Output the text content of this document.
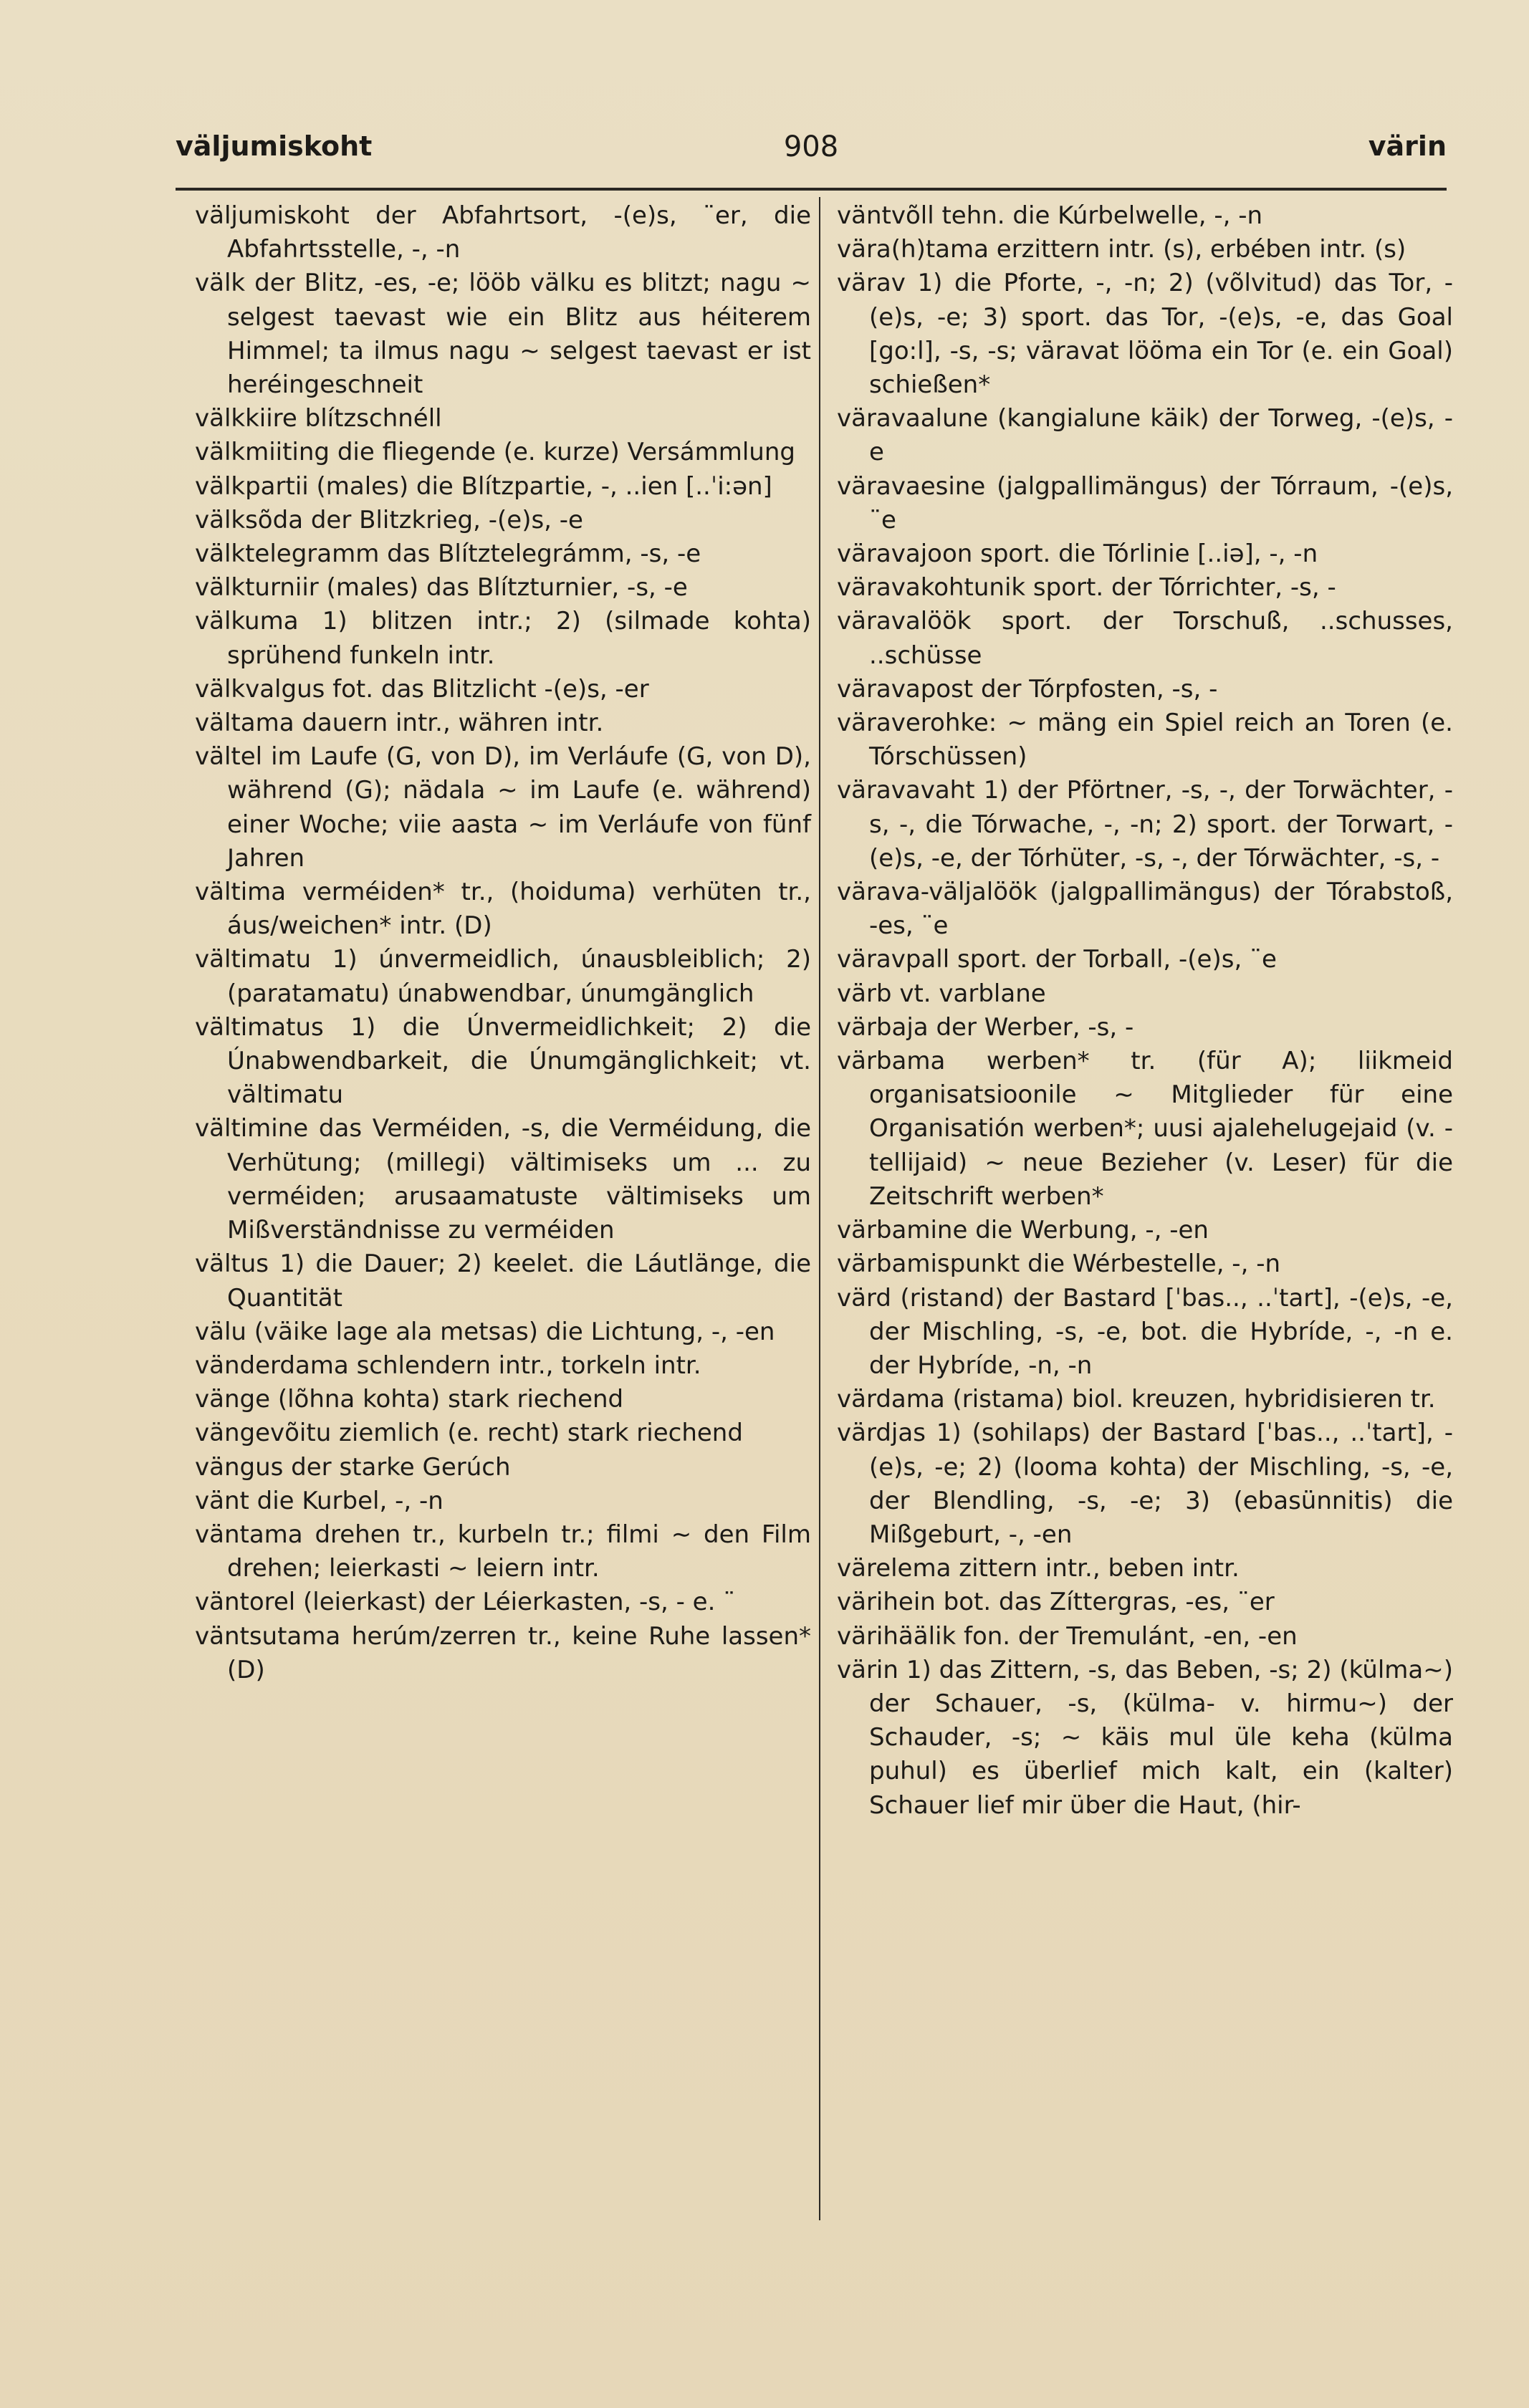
väljumiskoht	908	värin
väljumiskoht der Abfahrtsort, -(e)s, ¨er, die Abfahrtsstelle, -, -n
välk der Blitz, -es, -e; lööb välku es blitzt; nagu ∼ selgest taevast wie ein Blitz aus héiterem Himmel; ta ilmus nagu ∼ selgest taevast er ist heréingeschneit
välkkiire blítzschnéll
välkmiiting die fliegende (e. kurze) Versámmlung
välkpartii (males) die Blítzpartie, -, ..ien [..ˈi:ən]
välksõda der Blitzkrieg, -(e)s, -e
välktelegramm das Blítztelegrámm, -s, -e
välkturniir (males) das Blítzturnier, -s, -e
välkuma 1) blitzen intr.; 2) (silmade kohta) sprühend funkeln intr.
välkvalgus fot. das Blitzlicht -(e)s, -er
vältama dauern intr., währen intr.
vältel im Laufe (G, von D), im Verláufe (G, von D), während (G); nädala ∼ im Laufe (e. während) einer Woche; viie aasta ∼ im Verláufe von fünf Jahren
vältima verméiden* tr., (hoiduma) verhüten tr., áus/weichen* intr. (D)
vältimatu 1) únvermeidlich, únausbleiblich; 2) (paratamatu) únabwendbar, únumgänglich
vältimatus 1) die Únvermeidlichkeit; 2) die Únabwendbarkeit, die Únumgänglichkeit; vt. vältimatu
vältimine das Verméiden, -s, die Verméidung, die Verhütung; (millegi) vältimiseks um ... zu verméiden; arusaamatuste vältimiseks um Mißverständnisse zu verméiden
vältus 1) die Dauer; 2) keelet. die Láutlänge, die Quantität
välu (väike lage ala metsas) die Lichtung, -, -en
vänderdama schlendern intr., torkeln intr.
vänge (lõhna kohta) stark riechend
vängevõitu ziemlich (e. recht) stark riechend
vängus der starke Gerúch
vänt die Kurbel, -, -n
väntama drehen tr., kurbeln tr.; filmi ∼ den Film drehen; leierkasti ∼ leiern intr.
väntorel (leierkast) der Léierkasten, -s, - e. ¨
väntsutama herúm/zerren tr., keine Ruhe lassen* (D)
väntvõll tehn. die Kúrbelwelle, -, -n
vära(h)tama erzittern intr. (s), erbében intr. (s)
värav 1) die Pforte, -, -n; 2) (võlvitud) das Tor, -(e)s, -e; 3) sport. das Tor, -(e)s, -e, das Goal [go:l], -s, -s; väravat lööma ein Tor (e. ein Goal) schießen*
väravaalune (kangialune käik) der Torweg, -(e)s, -e
väravaesine (jalgpallimängus) der Tórraum, -(e)s, ¨e
väravajoon sport. die Tórlinie [..iə], -, -n
väravakohtunik sport. der Tórrichter, -s, -
väravalöök sport. der Torschuß, ..schusses, ..schüsse
väravapost der Tórpfosten, -s, -
väraverohke: ∼ mäng ein Spiel reich an Toren (e. Tórschüssen)
väravavaht 1) der Pförtner, -s, -, der Torwächter, -s, -, die Tórwache, -, -n; 2) sport. der Torwart, -(e)s, -e, der Tórhüter, -s, -, der Tórwächter, -s, -
värava-väljalöök (jalgpallimängus) der Tórabstoß, -es, ¨e
väravpall sport. der Torball, -(e)s, ¨e
värb vt. varblane
värbaja der Werber, -s, -
värbama werben* tr. (für A); liikmeid organisatsioonile ∼ Mitglieder für eine Organisatión werben*; uusi ajalehelugejaid (v. -tellijaid) ∼ neue Bezieher (v. Leser) für die Zeitschrift werben*
värbamine die Werbung, -, -en
värbamispunkt die Wérbestelle, -, -n
värd (ristand) der Bastard [ˈbas.., ..ˈtart], -(e)s, -e, der Mischling, -s, -e, bot. die Hybríde, -, -n e. der Hybríde, -n, -n
värdama (ristama) biol. kreuzen, hybridisieren tr.
värdjas 1) (sohilaps) der Bastard [ˈbas.., ..ˈtart], -(e)s, -e; 2) (looma kohta) der Mischling, -s, -e, der Blendling, -s, -e; 3) (ebasünnitis) die Mißgeburt, -, -en
värelema zittern intr., beben intr.
värihein bot. das Zíttergras, -es, ¨er
värihäälik fon. der Tremulánt, -en, -en
värin 1) das Zittern, -s, das Beben, -s; 2) (külma∼) der Schauer, -s, (külma- v. hirmu∼) der Schauder, -s; ∼ käis mul üle keha (külma puhul) es überlief mich kalt, ein (kalter) Schauer lief mir über die Haut, (hir-
